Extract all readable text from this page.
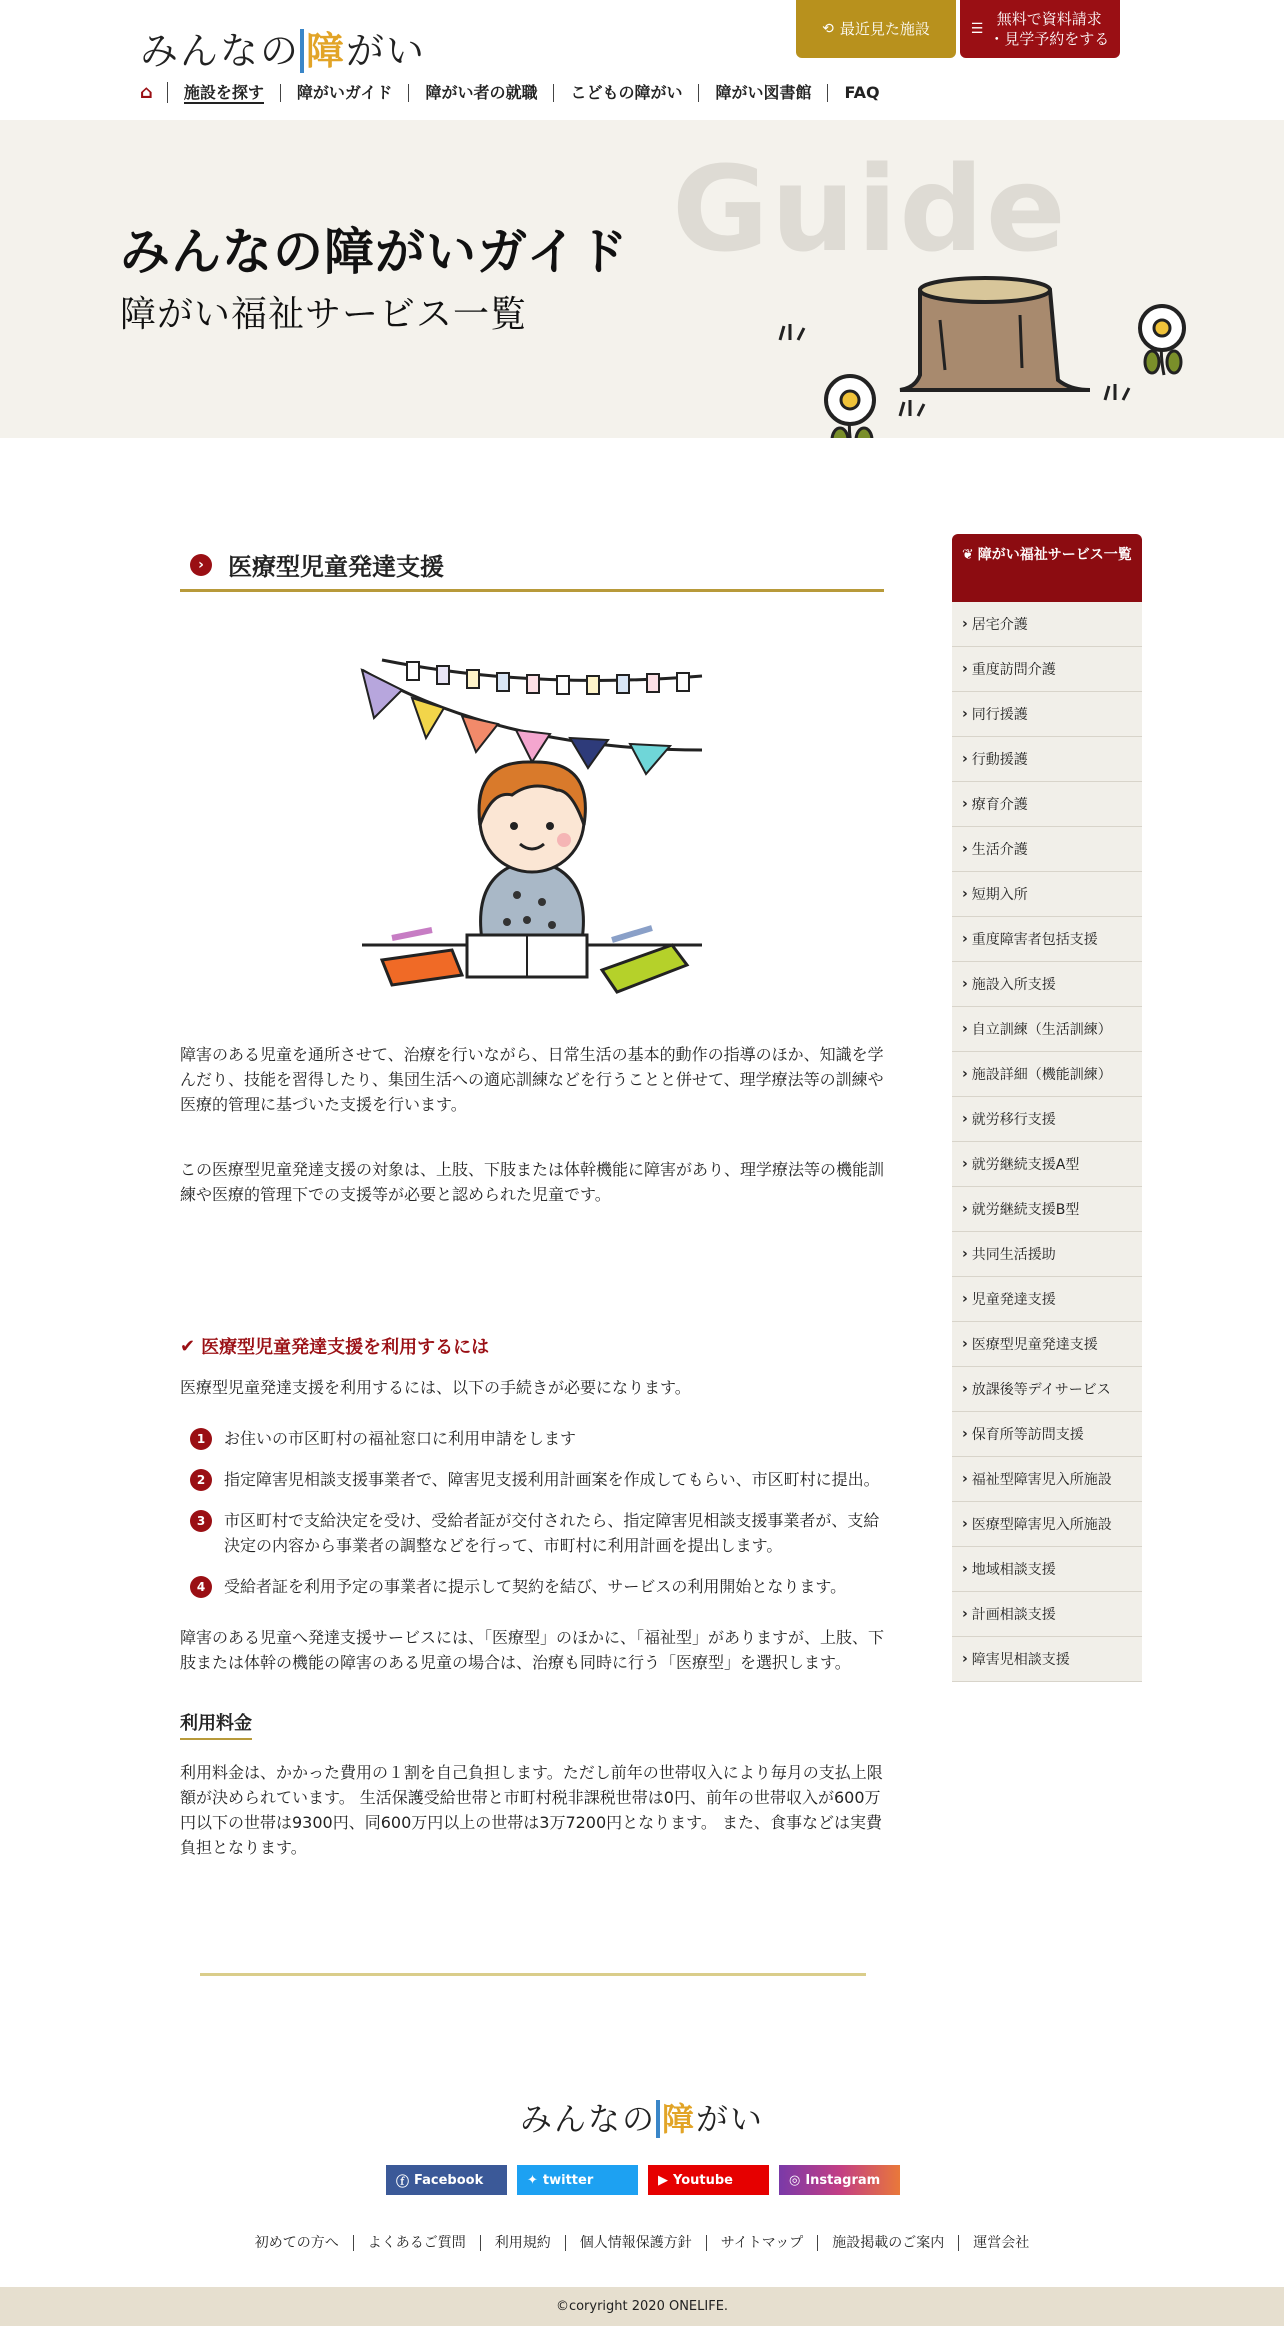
みんなの 障がい	⟲ 最近見た施設	☰
無料で資料請求
・見学予約をする
⌂	施設を探す	障がいガイド	障がい者の就職	こどもの障がい	障がい図書館	FAQ
Guide
みんなの障がいガイド
障がい福祉サービス一覧
›	医療型児童発達支援

障害のある児童を通所させて、治療を行いながら、日常生活の基本的動作の指導のほか、知識を学んだり、技能を習得したり、集団生活への適応訓練などを行うことと併せて、理学療法等の訓練や医療的管理に基づいた支援を行います。

この医療型児童発達支援の対象は、上肢、下肢または体幹機能に障害があり、理学療法等の機能訓練や医療的管理下での支援等が必要と認められた児童です。

✔ 医療型児童発達支援を利用するには

医療型児童発達支援を利用するには、以下の手続きが必要になります。

1	お住いの市区町村の福祉窓口に利用申請をします
2	指定障害児相談支援事業者で、障害児支援利用計画案を作成してもらい、市区町村に提出。
3	市区町村で支給決定を受け、受給者証が交付されたら、指定障害児相談支援事業者が、支給決定の内容から事業者の調整などを行って、市町村に利用計画を提出します。
4	受給者証を利用予定の事業者に提示して契約を結び、サービスの利用開始となります。

障害のある児童へ発達支援サービスには、「医療型」のほかに、「福祉型」がありますが、上肢、下肢または体幹の機能の障害のある児童の場合は、治療も同時に行う「医療型」を選択します。

利用料金

利用料金は、かかった費用の１割を自己負担します。ただし前年の世帯収入により毎月の支払上限額が決められています。 生活保護受給世帯と市町村税非課税世帯は0円、前年の世帯収入が600万円以下の世帯は9300円、同600万円以上の世帯は3万7200円となります。 また、食事などは実費負担となります。

❦ 障がい福祉サービス一覧
› 居宅介護
› 重度訪問介護
› 同行援護
› 行動援護
› 療育介護
› 生活介護
› 短期入所
› 重度障害者包括支援
› 施設入所支援
› 自立訓練（生活訓練）
› 施設詳細（機能訓練）
› 就労移行支援
› 就労継続支援A型
› 就労継続支援B型
› 共同生活援助
› 児童発達支援
› 医療型児童発達支援
› 放課後等デイサービス
› 保育所等訪問支援
› 福祉型障害児入所施設
› 医療型障害児入所施設
› 地域相談支援
› 計画相談支援
› 障害児相談支援
みんなの 障がい
ⓕ Facebook	✦ twitter	▶ Youtube	◎ Instagram
初めての方へ	よくあるご質問	利用規約	個人情報保護方針	サイトマップ	施設掲載のご案内	運営会社
©coryright 2020 ONELIFE.
